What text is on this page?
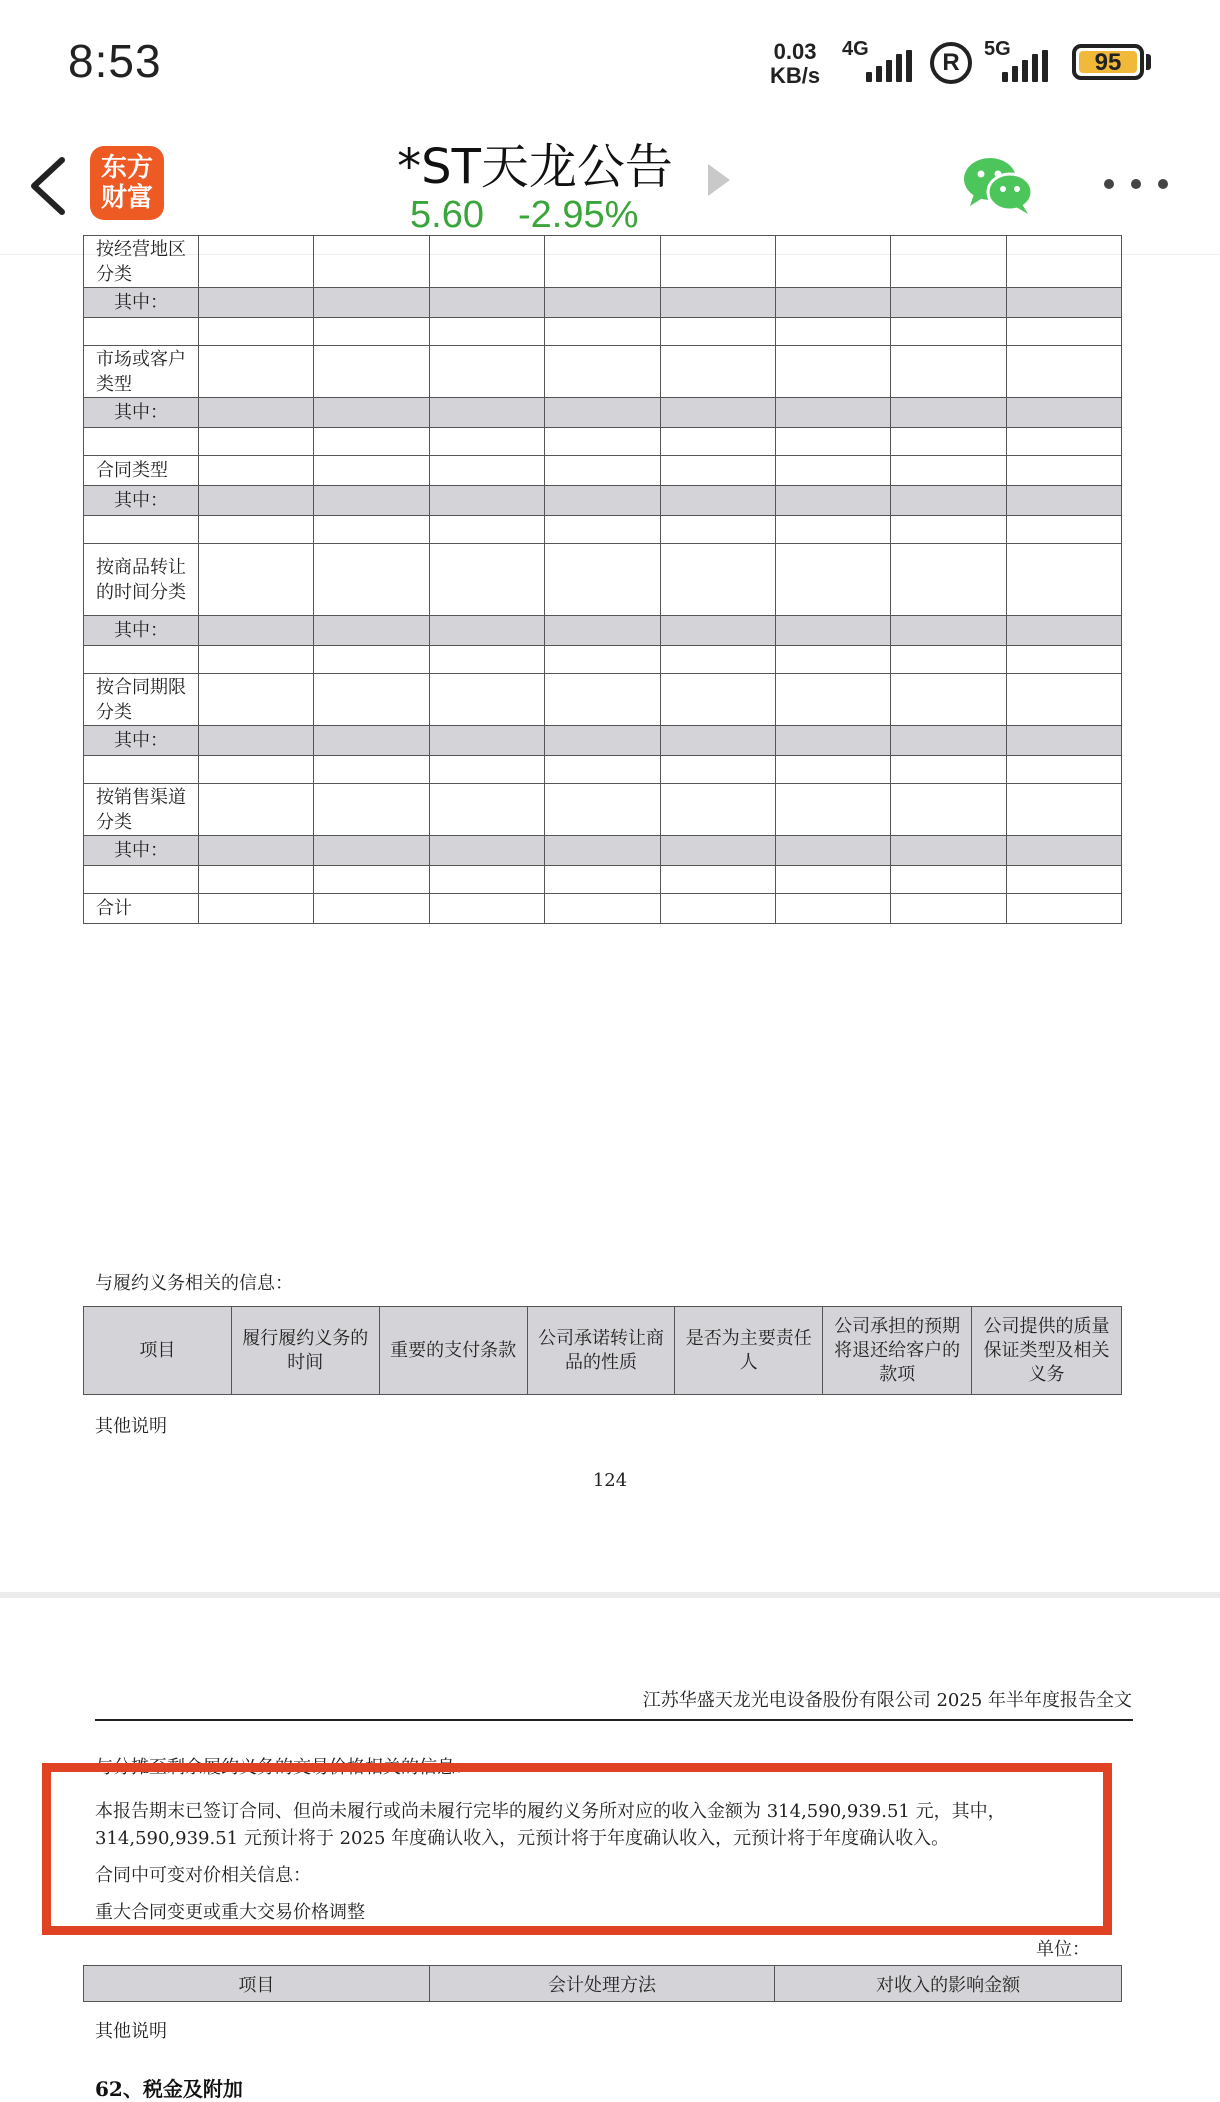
8:53	0.03
KB/s
4G	R	5G	95
东方
财富
*ST天龙公告
5.60 -2.95%
按经营地区分类								
其中：								

市场或客户类型								
其中：								

合同类型								
其中：								

按商品转让的时间分类								
其中：								

按合同期限分类								
其中：								

按销售渠道分类								
其中：								

合计								
与履约义务相关的信息：
项目	履行履约义务的时间	重要的支付条款	公司承诺转让商品的性质	是否为主要责任人	公司承担的预期将退还给客户的款项	公司提供的质量保证类型及相关义务
其他说明
124
江苏华盛天龙光电设备股份有限公司 2025 年半年度报告全文
与分摊至剩余履约义务的交易价格相关的信息：
本报告期末已签订合同、但尚未履行或尚未履行完毕的履约义务所对应的收入金额为 314,590,939.51 元，其中，
314,590,939.51 元预计将于 2025 年度确认收入，元预计将于年度确认收入，元预计将于年度确认收入。
合同中可变对价相关信息：
重大合同变更或重大交易价格调整
单位：
项目	会计处理方法	对收入的影响金额
其他说明
62、税金及附加
